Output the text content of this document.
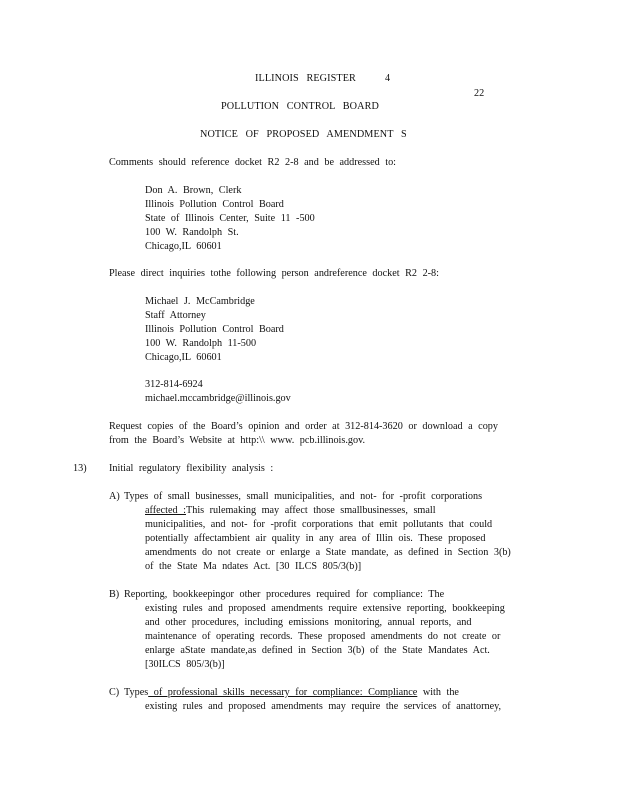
ILLINOIS REGISTER	4
22
POLLUTION CONTROL BOARD
NOTICE OF PROPOSED AMENDMENT S
Comments should reference docket R2 2-8 and be addressed to:
Don A. Brown, Clerk
Illinois Pollution Control Board
State of Illinois Center, Suite 11 -500
100 W. Randolph St.
Chicago,IL 60601
Please direct inquiries tothe following person andreference docket R2 2-8:
Michael J. McCambridge
Staff Attorney
Illinois Pollution Control Board
100 W. Randolph 11-500
Chicago,IL 60601
312-814-6924
michael.mccambridge@illinois.gov
Request copies of the Board’s opinion and order at 312-814-3620 or download a copy
from the Board’s Website at http:\\ www. pcb.illinois.gov.
13) Initial regulatory flexibility analysis :
A) Types of small businesses, small municipalities, and not- for -profit corporations
affected :This rulemaking may affect those smallbusinesses, small
municipalities, and not- for -profit corporations that emit pollutants that could
potentially affectambient air quality in any area of Illin ois. These proposed
amendments do not create or enlarge a State mandate, as defined in Section 3(b)
of the State Ma ndates Act. [30 ILCS 805/3(b)]
B) Reporting, bookkeepingor other procedures required for compliance: The
existing rules and proposed amendments require extensive reporting, bookkeeping
and other procedures, including emissions monitoring, annual reports, and
maintenance of operating records. These proposed amendments do not create or
enlarge aState mandate,as defined in Section 3(b) of the State Mandates Act.
[30ILCS 805/3(b)]
C) Types of professional skills necessary for compliance: Compliance with the
existing rules and proposed amendments may require the services of anattorney,
